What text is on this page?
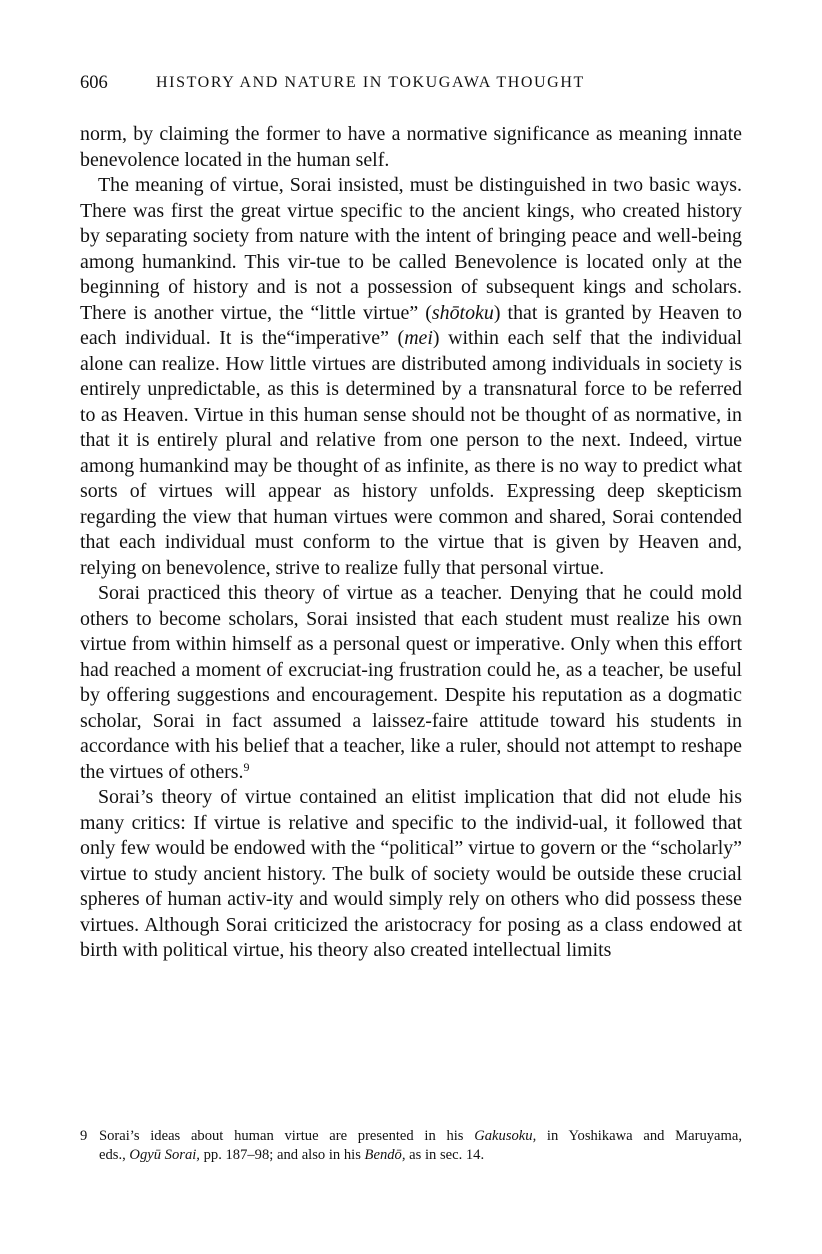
606	HISTORY AND NATURE IN TOKUGAWA THOUGHT

norm, by claiming the former to have a normative significance as meaning innate benevolence located in the human self.

The meaning of virtue, Sorai insisted, must be distinguished in two basic ways. There was first the great virtue specific to the ancient kings, who created history by separating society from nature with the intent of bringing peace and well-being among humankind. This vir-tue to be called Benevolence is located only at the beginning of history and is not a possession of subsequent kings and scholars. There is another virtue, the “little virtue” (shōtoku) that is granted by Heaven to each individual. It is the“imperative” (mei) within each self that the individual alone can realize. How little virtues are distributed among individuals in society is entirely unpredictable, as this is determined by a transnatural force to be referred to as Heaven. Virtue in this human sense should not be thought of as normative, in that it is entirely plural and relative from one person to the next. Indeed, virtue among humankind may be thought of as infinite, as there is no way to predict what sorts of virtues will appear as history unfolds. Expressing deep skepticism regarding the view that human virtues were common and shared, Sorai contended that each individual must conform to the virtue that is given by Heaven and, relying on benevolence, strive to realize fully that personal virtue.

Sorai practiced this theory of virtue as a teacher. Denying that he could mold others to become scholars, Sorai insisted that each student must realize his own virtue from within himself as a personal quest or imperative. Only when this effort had reached a moment of excruciat-ing frustration could he, as a teacher, be useful by offering suggestions and encouragement. Despite his reputation as a dogmatic scholar, Sorai in fact assumed a laissez-faire attitude toward his students in accordance with his belief that a teacher, like a ruler, should not attempt to reshape the virtues of others.$^9$

Sorai’s theory of virtue contained an elitist implication that did not elude his many critics: If virtue is relative and specific to the individ-ual, it followed that only few would be endowed with the “political” virtue to govern or the “scholarly” virtue to study ancient history. The bulk of society would be outside these crucial spheres of human activ-ity and would simply rely on others who did possess these virtues. Although Sorai criticized the aristocracy for posing as a class endowed at birth with political virtue, his theory also created intellectual limits

9 Sorai’s ideas about human virtue are presented in his Gakusoku, in Yoshikawa and Maruyama,
eds., Ogyū Sorai, pp. 187–98; and also in his Bendō, as in sec. 14.
